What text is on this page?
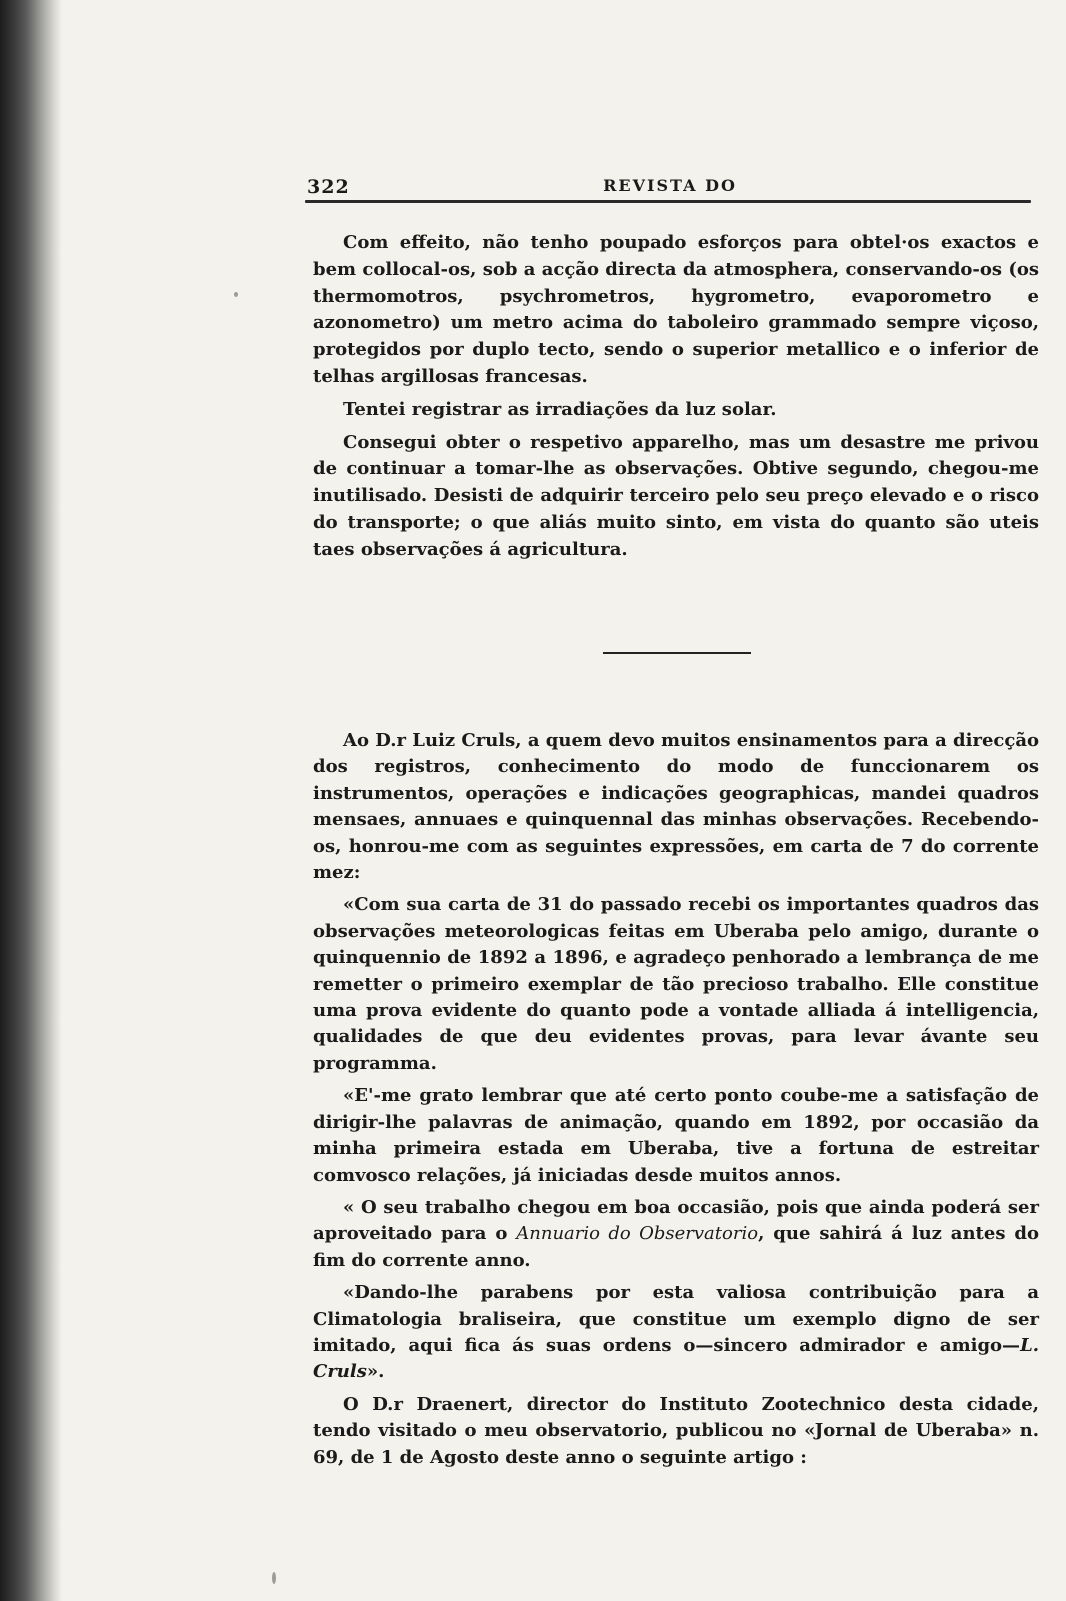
322	REVISTA DO

Com effeito, não tenho poupado esforços para obtel·os exactos e bem collocal-os, sob a acção directa da atmosphera, conservando-os (os thermomotros, psychrometros, hygrometro, evaporometro e azonometro) um metro acima do taboleiro grammado sempre viçoso, protegidos por duplo tecto, sendo o superior metallico e o inferior de telhas argillosas francesas.

Tentei registrar as irradiações da luz solar.

Consegui obter o respetivo apparelho, mas um desastre me privou de continuar a tomar-lhe as observações. Obtive segundo, chegou-me inutilisado. Desisti de adquirir terceiro pelo seu preço elevado e o risco do transporte; o que aliás muito sinto, em vista do quanto são uteis taes observações á agricultura.

Ao D.r Luiz Cruls, a quem devo muitos ensinamentos para a direcção dos registros, conhecimento do modo de funccionarem os instrumentos, operações e indicações geographicas, mandei quadros mensaes, annuaes e quinquennal das minhas observações. Recebendo-os, honrou-me com as seguintes expressões, em carta de 7 do corrente mez:

«Com sua carta de 31 do passado recebi os importantes quadros das observações meteorologicas feitas em Uberaba pelo amigo, durante o quinquennio de 1892 a 1896, e agradeço penhorado a lembrança de me remetter o primeiro exemplar de tão precioso trabalho. Elle constitue uma prova evidente do quanto pode a vontade alliada á intelligencia, qualidades de que deu evidentes provas, para levar ávante seu programma.

«E'-me grato lembrar que até certo ponto coube-me a satisfação de dirigir-lhe palavras de animação, quando em 1892, por occasião da minha primeira estada em Uberaba, tive a fortuna de estreitar comvosco relações, já iniciadas desde muitos annos.

« O seu trabalho chegou em boa occasião, pois que ainda poderá ser aproveitado para o Annuario do Observatorio, que sahirá á luz antes do fim do corrente anno.

«Dando-lhe parabens por esta valiosa contribuição para a Climatologia braliseira, que constitue um exemplo digno de ser imitado, aqui fica ás suas ordens o—sincero admirador e amigo—L. Cruls».

O D.r Draenert, director do Instituto Zootechnico desta cidade, tendo visitado o meu observatorio, publicou no «Jornal de Uberaba» n. 69, de 1 de Agosto deste anno o seguinte artigo :
